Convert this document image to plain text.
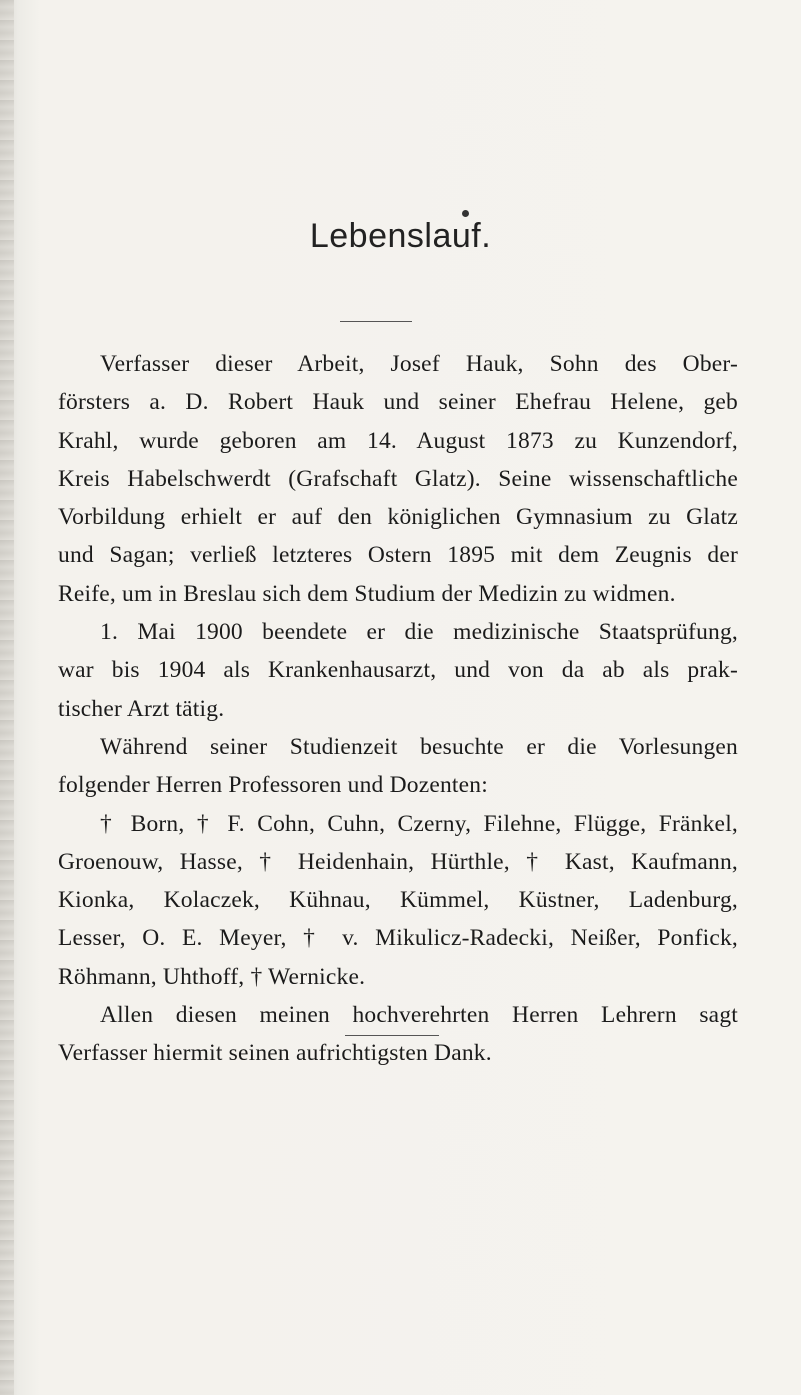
Lebenslauf.

Verfasser dieser Arbeit, Josef Hauk, Sohn des Ober-
försters a. D. Robert Hauk und seiner Ehefrau Helene, geb
Krahl, wurde geboren am 14. August 1873 zu Kunzendorf,
Kreis Habelschwerdt (Grafschaft Glatz). Seine wissenschaftliche
Vorbildung erhielt er auf den königlichen Gymnasium zu Glatz
und Sagan; verließ letzteres Ostern 1895 mit dem Zeugnis der
Reife, um in Breslau sich dem Studium der Medizin zu widmen.

1. Mai 1900 beendete er die medizinische Staatsprüfung,
war bis 1904 als Krankenhausarzt, und von da ab als prak-
tischer Arzt tätig.

Während seiner Studienzeit besuchte er die Vorlesungen
folgender Herren Professoren und Dozenten:

† Born, † F. Cohn, Cuhn, Czerny, Filehne, Flügge, Fränkel,
Groenouw, Hasse, † Heidenhain, Hürthle, † Kast, Kaufmann,
Kionka, Kolaczek, Kühnau, Kümmel, Küstner, Ladenburg,
Lesser, O. E. Meyer, † v. Mikulicz-Radecki, Neißer, Ponfick,
Röhmann, Uhthoff, † Wernicke.

Allen diesen meinen hochverehrten Herren Lehrern sagt
Verfasser hiermit seinen aufrichtigsten Dank.
